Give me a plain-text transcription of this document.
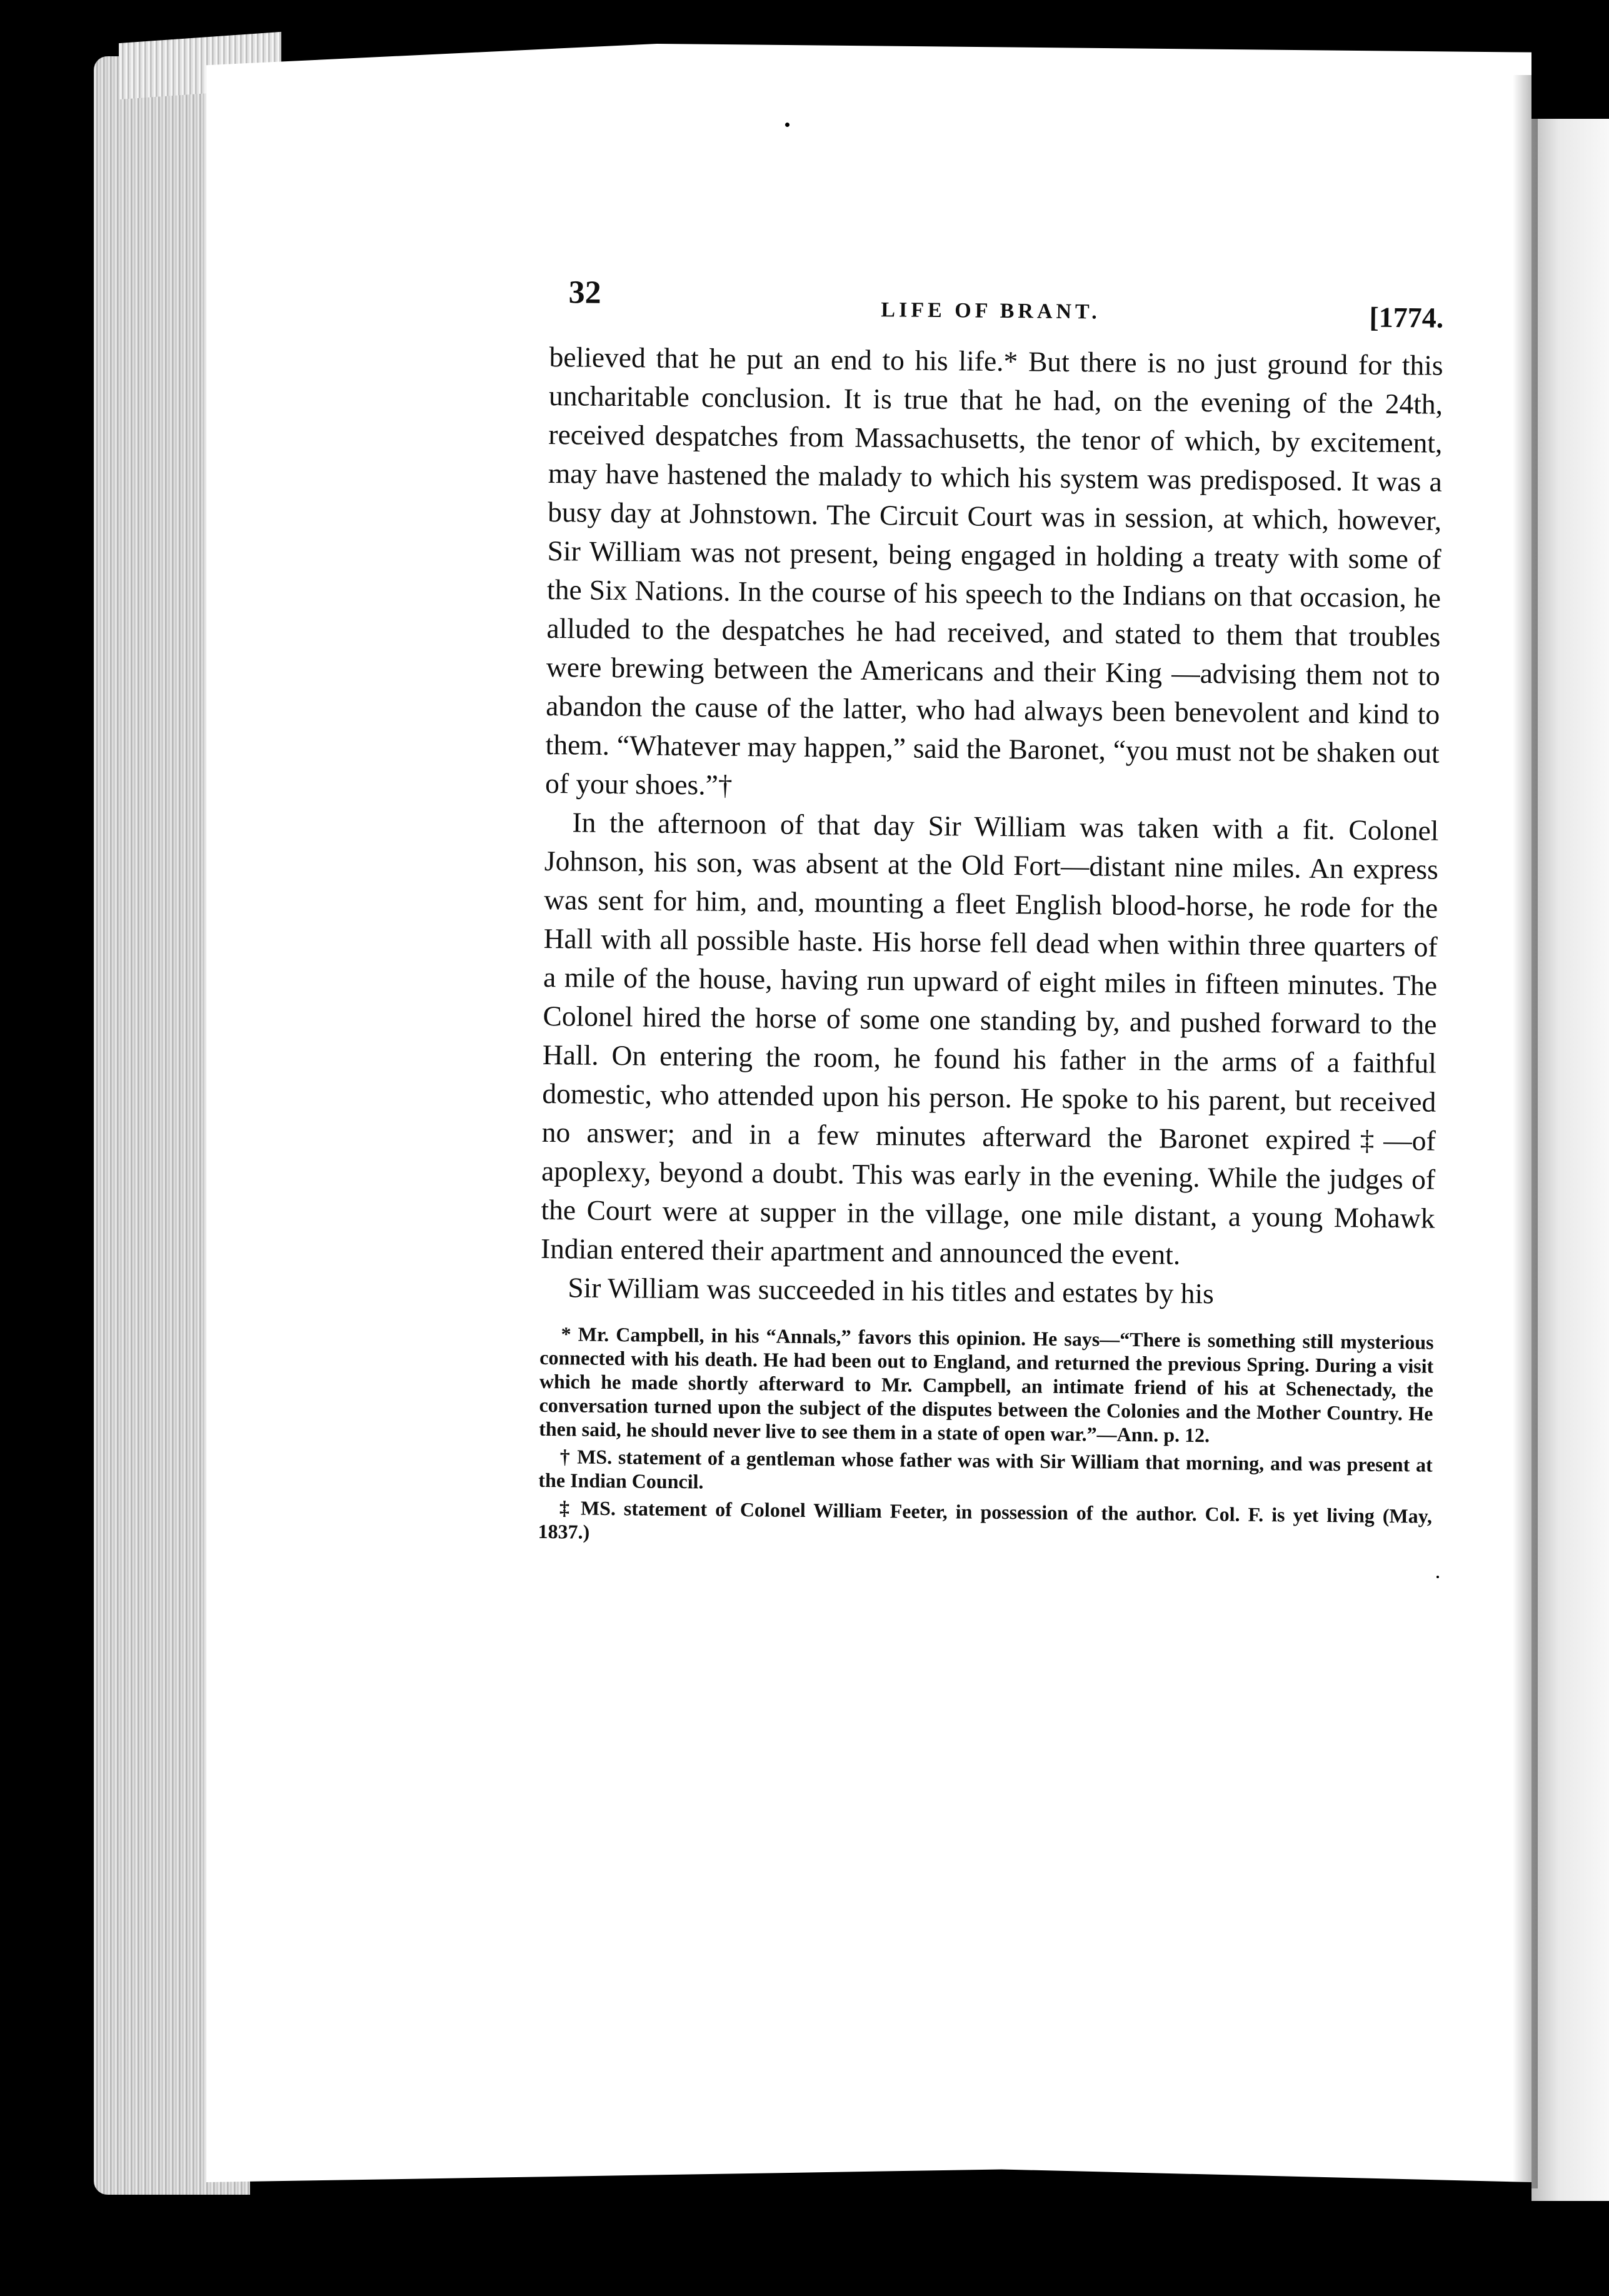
32
LIFE OF BRANT.	[1774.

believed that he put an end to his life.* But there is no just ground for this uncharitable conclusion. It is true that he had, on the evening of the 24th, received despatches from Massachusetts, the tenor of which, by excitement, may have hastened the malady to which his system was predisposed. It was a busy day at Johnstown. The Circuit Court was in session, at which, however, Sir William was not present, being engaged in holding a treaty with some of the Six Nations. In the course of his speech to the Indians on that occasion, he alluded to the despatches he had received, and stated to them that troubles were brewing between the Americans and their King —advising them not to abandon the cause of the latter, who had always been benevolent and kind to them. “Whatever may happen,” said the Baronet, “you must not be shaken out of your shoes.”†

In the afternoon of that day Sir William was taken with a fit. Colonel Johnson, his son, was absent at the Old Fort—distant nine miles. An express was sent for him, and, mounting a fleet English blood-horse, he rode for the Hall with all possible haste. His horse fell dead when within three quarters of a mile of the house, having run upward of eight miles in fifteen minutes. The Colonel hired the horse of some one standing by, and pushed forward to the Hall. On entering the room, he found his father in the arms of a faithful domestic, who attended upon his person. He spoke to his parent, but received no answer; and in a few minutes afterward the Baronet expired‡—of apoplexy, beyond a doubt. This was early in the evening. While the judges of the Court were at supper in the village, one mile distant, a young Mohawk Indian entered their apartment and announced the event.

Sir William was succeeded in his titles and estates by his

* Mr. Campbell, in his “Annals,” favors this opinion. He says—“There is something still mysterious connected with his death. He had been out to England, and returned the previous Spring. During a visit which he made shortly afterward to Mr. Campbell, an intimate friend of his at Schenectady, the conversation turned upon the subject of the disputes between the Colonies and the Mother Country. He then said, he should never live to see them in a state of open war.”—Ann. p. 12.

† MS. statement of a gentleman whose father was with Sir William that morning, and was present at the Indian Council.

‡ MS. statement of Colonel William Feeter, in possession of the author. Col. F. is yet living (May, 1837.)
